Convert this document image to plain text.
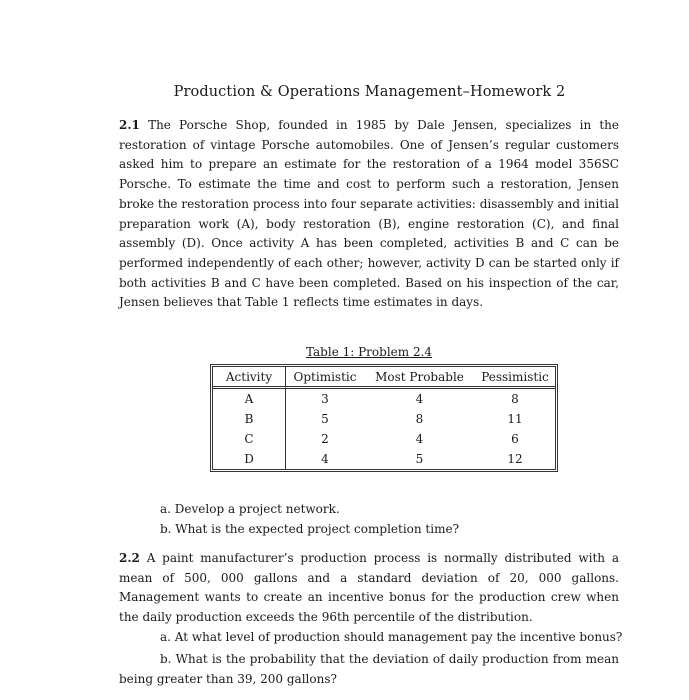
Production & Operations Management–Homework 2
2.1 The Porsche Shop, founded in 1985 by Dale Jensen, specializes in the restoration of vintage Porsche automobiles. One of Jensen’s regular customers asked him to prepare an estimate for the restoration of a 1964 model 356SC Porsche. To estimate the time and cost to perform such a restoration, Jensen broke the restoration process into four separate activities: disassembly and initial preparation work (A), body restoration (B), engine restoration (C), and final assembly (D). Once activity A has been completed, activities B and C can be performed independently of each other; however, activity D can be started only if both activities B and C have been completed. Based on his inspection of the car, Jensen believes that Table 1 reflects time estimates in days.
Table 1: Problem 2.4
Activity	Optimistic	Most Probable	Pessimistic
A	3	4	8
B	5	8	11
C	2	4	6
D	4	5	12
a. Develop a project network.
b. What is the expected project completion time?
2.2 A paint manufacturer’s production process is normally distributed with a mean of 500, 000 gallons and a standard deviation of 20, 000 gallons. Management wants to create an incentive bonus for the production crew when the daily production exceeds the 96th percentile of the distribution.
a. At what level of production should management pay the incentive bonus?
b. What is the probability that the deviation of daily production from mean being greater than 39, 200 gallons?
